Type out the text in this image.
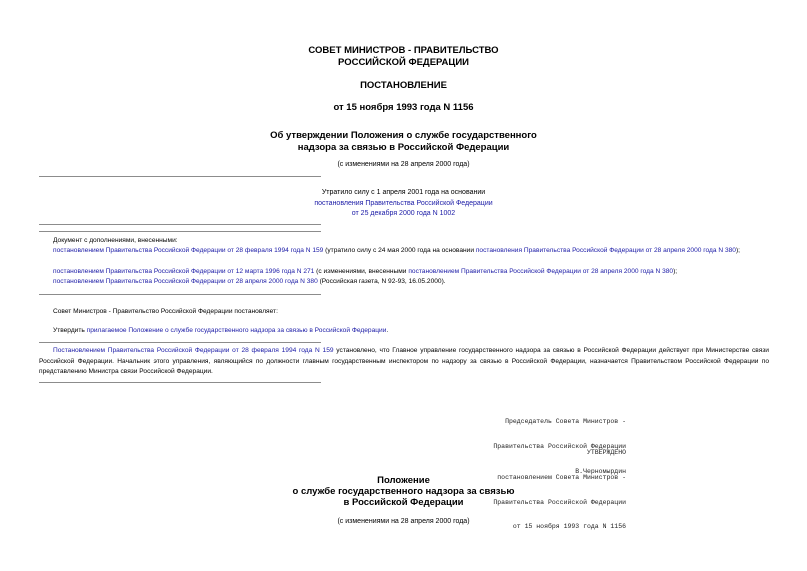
СОВЕТ МИНИСТРОВ - ПРАВИТЕЛЬСТВО
РОССИЙСКОЙ ФЕДЕРАЦИИ
ПОСТАНОВЛЕНИЕ
от 15 ноября 1993 года N 1156
Об утверждении Положения о службе государственного
надзора за связью в Российской Федерации
(с изменениями на 28 апреля 2000 года)
Утратило силу с 1 апреля 2001 года на основании
постановления Правительства Российской Федерации
от 25 декабря 2000 года N 1002
Документ с дополнениями, внесенными:
постановлением Правительства Российской Федерации от 28 февраля 1994 года N 159 (утратило силу с 24 мая 2000 года на основании постановления Правительства Российской Федерации от 28 апреля 2000 года N 380);
постановлением Правительства Российской Федерации от 12 марта 1996 года N 271 (с изменениями, внесенными постановлением Правительства Российской Федерации от 28 апреля 2000 года N 380);
постановлением Правительства Российской Федерации от 28 апреля 2000 года N 380 (Российская газета, N 92-93, 16.05.2000).
Совет Министров - Правительство Российской Федерации постановляет:
Утвердить прилагаемое Положение о службе государственного надзора за связью в Российской Федерации.
Постановлением Правительства Российской Федерации от 28 февраля 1994 года N 159 установлено, что Главное управление государственного надзора за связью в Российской Федерации действует при Министерстве связи Российской Федерации. Начальник этого управления, являющийся по должности главным государственным инспектором по надзору за связью в Российской Федерации, назначается Правительством Российской Федерации по представлению Министра связи Российской Федерации.

Председатель Совета Министров -

Правительства Российской Федерации

В.Черномырдин

УТВЕРЖДЕНО

постановлением Совета Министров -

Правительства Российской Федерации

от 15 ноября 1993 года N 1156

Положение
о службе государственного надзора за связью
в Российской Федерации
(с изменениями на 28 апреля 2000 года)
